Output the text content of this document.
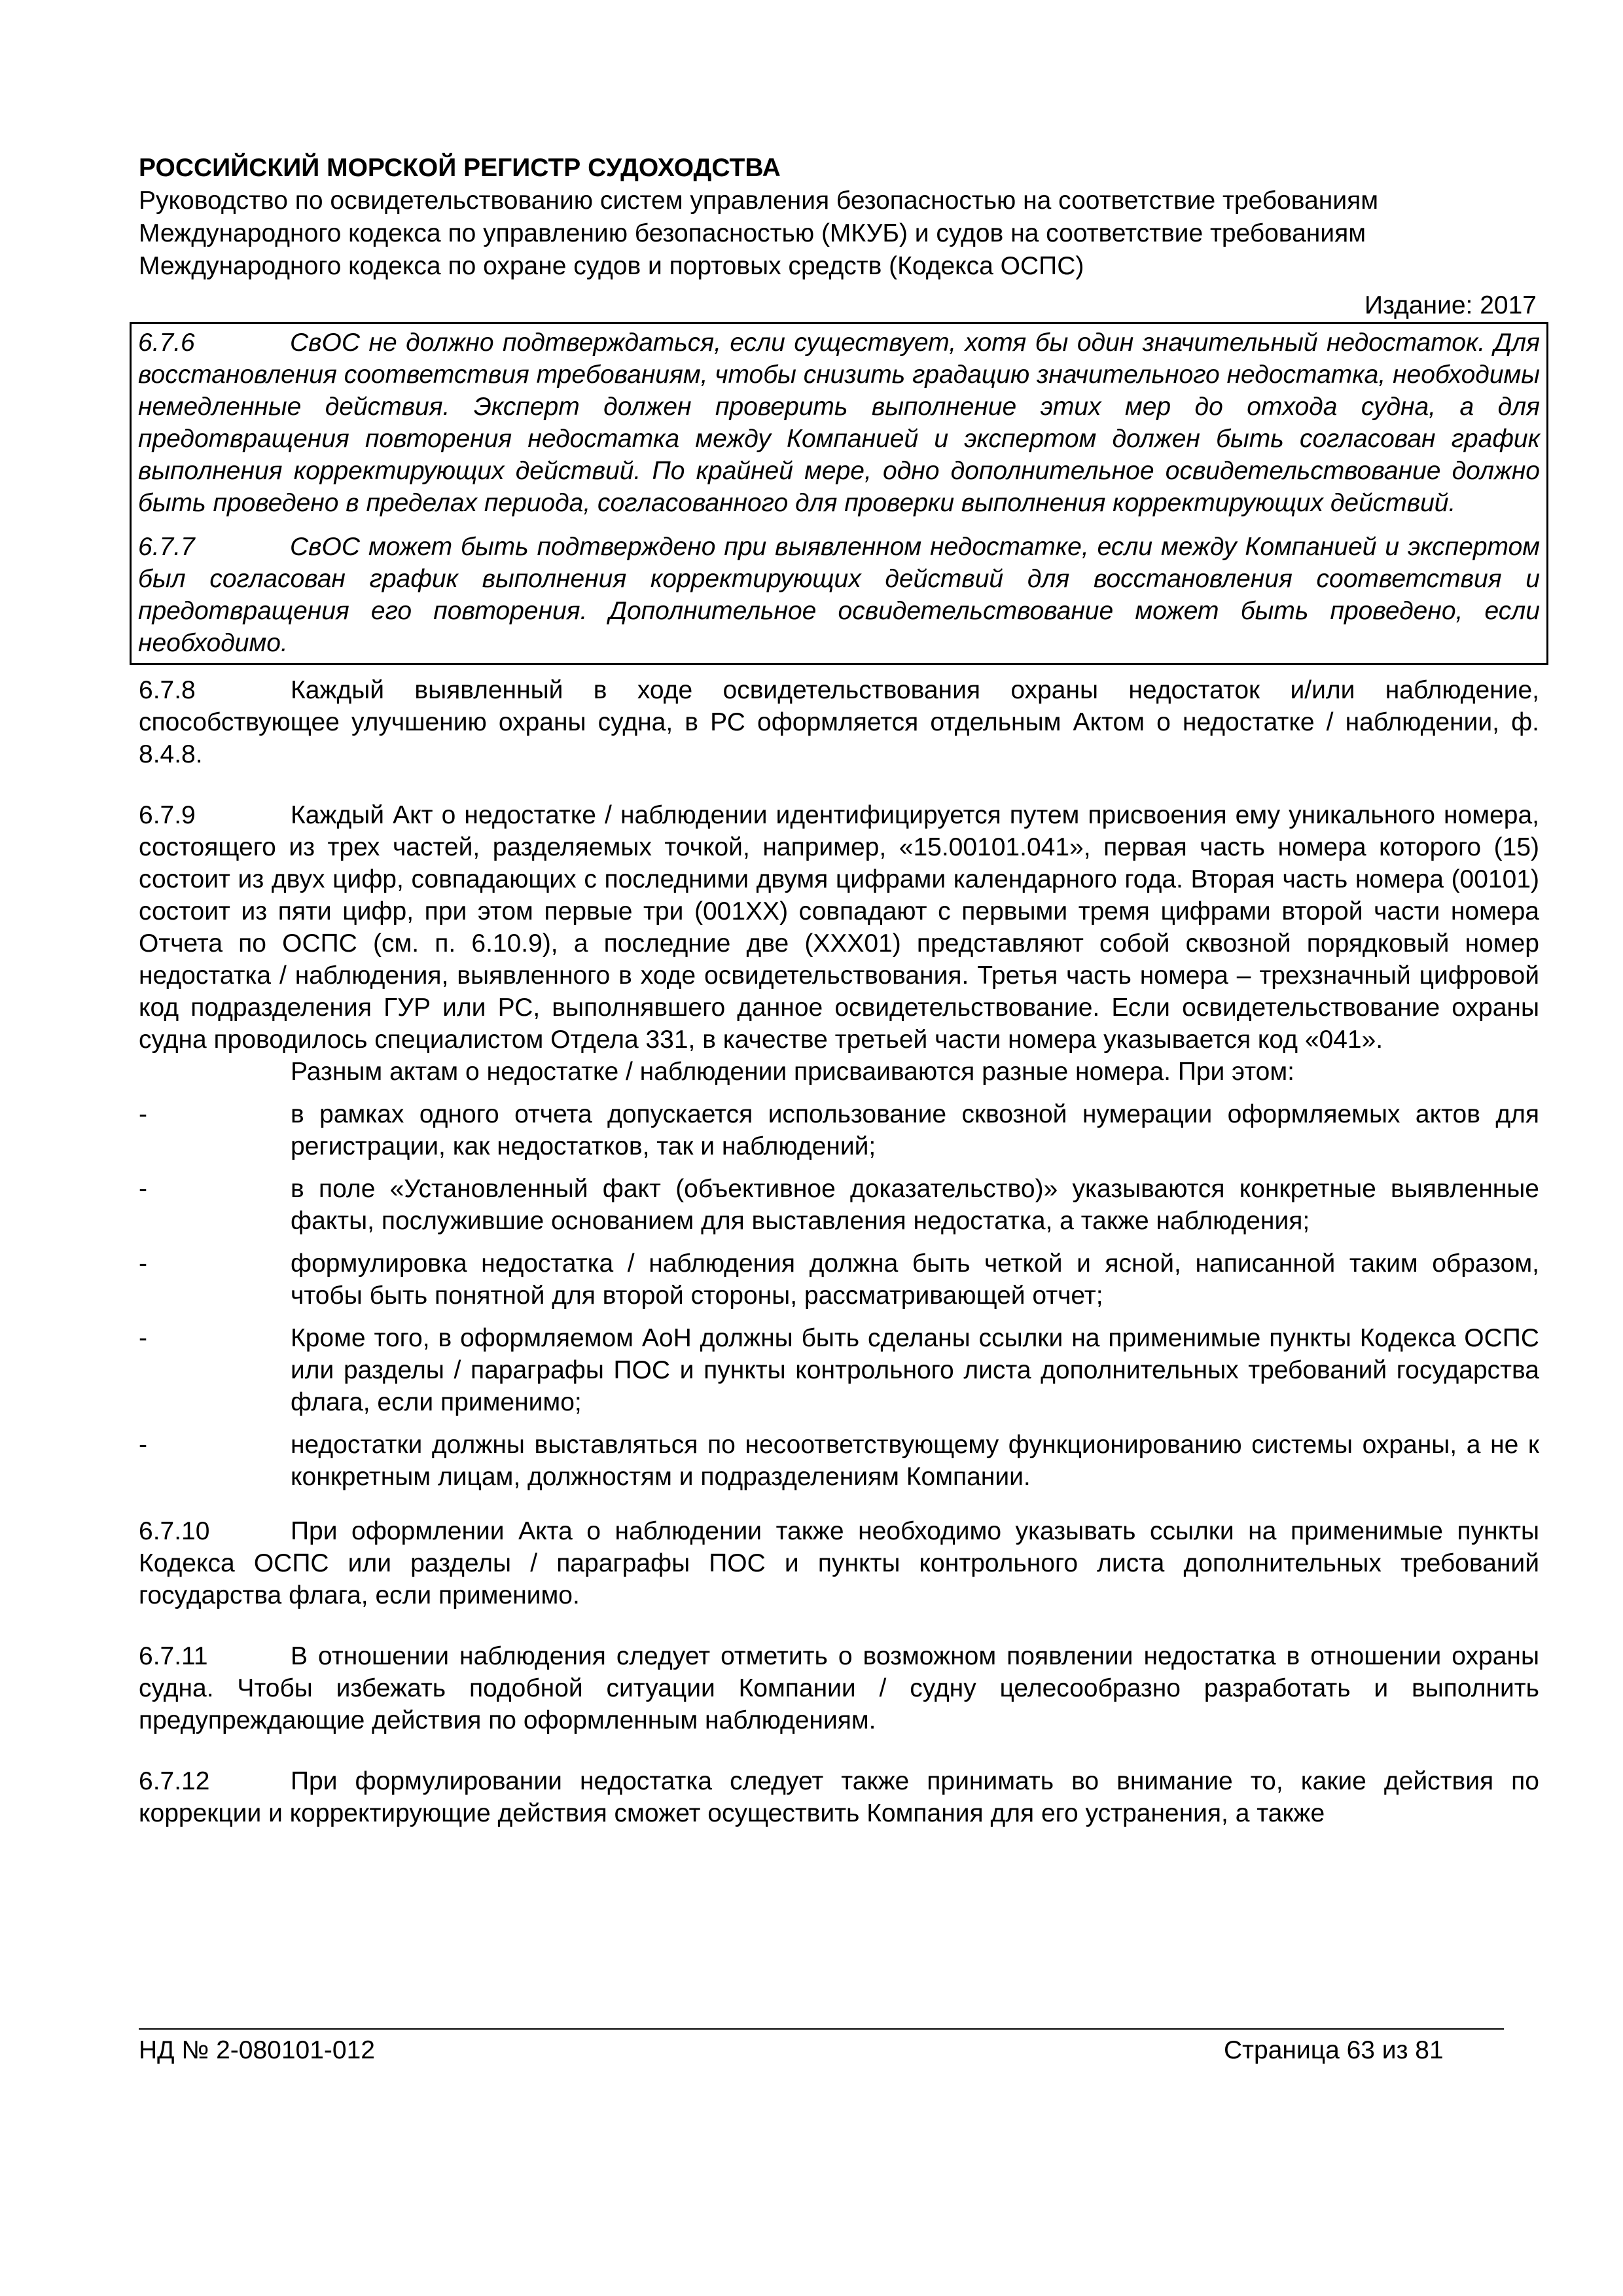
РОССИЙСКИЙ МОРСКОЙ РЕГИСТР СУДОХОДСТВА

Руководство по освидетельствованию систем управления безопасностью на соответствие требованиям

Международного кодекса по управлению безопасностью (МКУБ) и судов на соответствие требованиям

Международного кодекса по охране судов и портовых средств (Кодекса ОСПС)

Издание: 2017
6.7.6	СвОС не должно подтверждаться, если существует, хотя бы один значительный недостаток. Для восстановления соответствия требованиям, чтобы снизить градацию значительного недостатка, необходимы немедленные действия. Эксперт должен проверить выполнение этих мер до отхода судна, а для предотвращения повторения недостатка между Компанией и экспертом должен быть согласован график выполнения корректирующих действий. По крайней мере, одно дополнительное освидетельствование должно быть проведено в пределах периода, согласованного для проверки выполнения корректирующих действий.
6.7.7	СвОС может быть подтверждено при выявленном недостатке, если между Компанией и экспертом был согласован график выполнения корректирующих действий для восстановления соответствия и предотвращения его повторения. Дополнительное освидетельствование может быть проведено, если необходимо.
6.7.8	Каждый выявленный в ходе освидетельствования охраны недостаток и/или наблюдение, способствующее улучшению охраны судна, в РС оформляется отдельным Актом о недостатке / наблюдении, ф. 8.4.8.
6.7.9	Каждый Акт о недостатке / наблюдении идентифицируется путем присвоения ему уникального номера, состоящего из трех частей, разделяемых точкой, например, «15.00101.041», первая часть номера которого (15) состоит из двух цифр, совпадающих с последними двумя цифрами календарного года. Вторая часть номера (00101) состоит из пяти цифр, при этом первые три (001XX) совпадают с первыми тремя цифрами второй части номера Отчета по ОСПС (см. п. 6.10.9), а последние две (XXX01) представляют собой сквозной порядковый номер недостатка / наблюдения, выявленного в ходе освидетельствования. Третья часть номера – трехзначный цифровой код подразделения ГУР или РС, выполнявшего данное освидетельствование. Если освидетельствование охраны судна проводилось специалистом Отдела 331, в качестве третьей части номера указывается код «041».

Разным актам о недостатке / наблюдении присваиваются разные номера. При этом:

-	в рамках одного отчета допускается использование сквозной нумерации оформляемых актов для регистрации, как недостатков, так и наблюдений;
-	в поле «Установленный факт (объективное доказательство)» указываются конкретные выявленные факты, послужившие основанием для выставления недостатка, а также наблюдения;
-	формулировка недостатка / наблюдения должна быть четкой и ясной, написанной таким образом, чтобы быть понятной для второй стороны, рассматривающей отчет;
-	Кроме того, в оформляемом АоН должны быть сделаны ссылки на применимые пункты Кодекса ОСПС или разделы / параграфы ПОС и пункты контрольного листа дополнительных требований государства флага, если применимо;
-	недостатки должны выставляться по несоответствующему функционированию системы охраны, а не к конкретным лицам, должностям и подразделениям Компании.
6.7.10	При оформлении Акта о наблюдении также необходимо указывать ссылки на применимые пункты Кодекса ОСПС или разделы / параграфы ПОС и пункты контрольного листа дополнительных требований государства флага, если применимо.
6.7.11	В отношении наблюдения следует отметить о возможном появлении недостатка в отношении охраны судна. Чтобы избежать подобной ситуации Компании / судну целесообразно разработать и выполнить предупреждающие действия по оформленным наблюдениям.
6.7.12	При формулировании недостатка следует также принимать во внимание то, какие действия по коррекции и корректирующие действия сможет осуществить Компания для его устранения, а также
НД № 2-080101-012	Страница 63 из 81
